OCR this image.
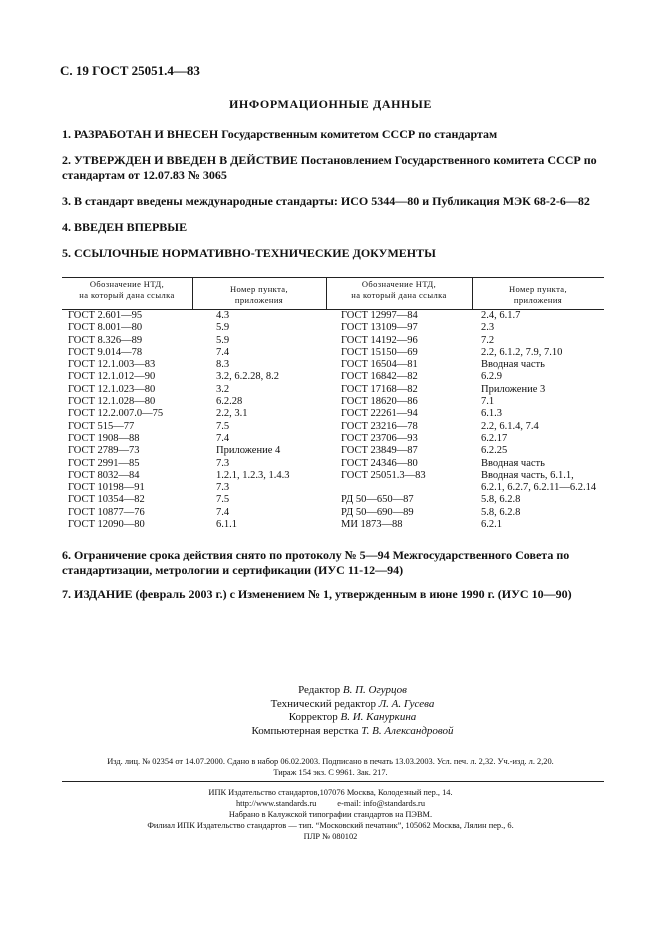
С. 19 ГОСТ 25051.4—83
ИНФОРМАЦИОННЫЕ ДАННЫЕ
1. РАЗРАБОТАН И ВНЕСЕН Государственным комитетом СССР по стандартам
2. УТВЕРЖДЕН И ВВЕДЕН В ДЕЙСТВИЕ Постановлением Государственного комитета СССР по стандартам от 12.07.83 № 3065
3. В стандарт введены международные стандарты: ИСО 5344—80 и Публикация МЭК 68-2-6—82
4. ВВЕДЕН ВПЕРВЫЕ
5. ССЫЛОЧНЫЕ НОРМАТИВНО-ТЕХНИЧЕСКИЕ ДОКУМЕНТЫ
Обозначение НТД,
на который дана ссылка
Номер пункта,
приложения
Обозначение НТД,
на который дана ссылка
Номер пункта,
приложения
ГОСТ 2.601—95
ГОСТ 8.001—80
ГОСТ 8.326—89
ГОСТ 9.014—78
ГОСТ 12.1.003—83
ГОСТ 12.1.012—90
ГОСТ 12.1.023—80
ГОСТ 12.1.028—80
ГОСТ 12.2.007.0—75
ГОСТ 515—77
ГОСТ 1908—88
ГОСТ 2789—73
ГОСТ 2991—85
ГОСТ 8032—84
ГОСТ 10198—91
ГОСТ 10354—82
ГОСТ 10877—76
ГОСТ 12090—80
4.3
5.9
5.9
7.4
8.3
3.2, 6.2.28, 8.2
3.2
6.2.28
2.2, 3.1
7.5
7.4
Приложение 4
7.3
1.2.1, 1.2.3, 1.4.3
7.3
7.5
7.4
6.1.1
ГОСТ 12997—84
ГОСТ 13109—97
ГОСТ 14192—96
ГОСТ 15150—69
ГОСТ 16504—81
ГОСТ 16842—82
ГОСТ 17168—82
ГОСТ 18620—86
ГОСТ 22261—94
ГОСТ 23216—78
ГОСТ 23706—93
ГОСТ 23849—87
ГОСТ 24346—80
ГОСТ 25051.3—83
РД 50—650—87
РД 50—690—89
МИ 1873—88
2.4, 6.1.7
2.3
7.2
2.2, 6.1.2, 7.9, 7.10
Вводная часть
6.2.9
Приложение 3
7.1
6.1.3
2.2, 6.1.4, 7.4
6.2.17
6.2.25
Вводная часть
Вводная часть, 6.1.1,
6.2.1, 6.2.7, 6.2.11—6.2.14
5.8, 6.2.8
5.8, 6.2.8
6.2.1
6. Ограничение срока действия снято по протоколу № 5—94 Межгосударственного Совета по стандартизации, метрологии и сертификации (ИУС 11-12—94)
7. ИЗДАНИЕ (февраль 2003 г.) с Изменением № 1, утвержденным в июне 1990 г. (ИУС 10—90)
Редактор В. П. Огурцов
Технический редактор Л. А. Гусева
Корректор В. И. Кануркина
Компьютерная верстка Т. В. Александровой
Изд. лиц. № 02354 от 14.07.2000. Сдано в набор 06.02.2003. Подписано в печать 13.03.2003. Усл. печ. л. 2,32. Уч.-изд. л. 2,20.
Тираж 154 экз. С 9961. Зак. 217.
ИПК Издательство стандартов,107076 Москва, Колодезный пер., 14.
http://www.standards.ru          e-mail: info@standards.ru
Набрано в Калужской типографии стандартов на ПЭВМ.
Филиал ИПК Издательство стандартов — тип. “Московский печатник”, 105062 Москва, Лялин пер., 6.
ПЛР № 080102
